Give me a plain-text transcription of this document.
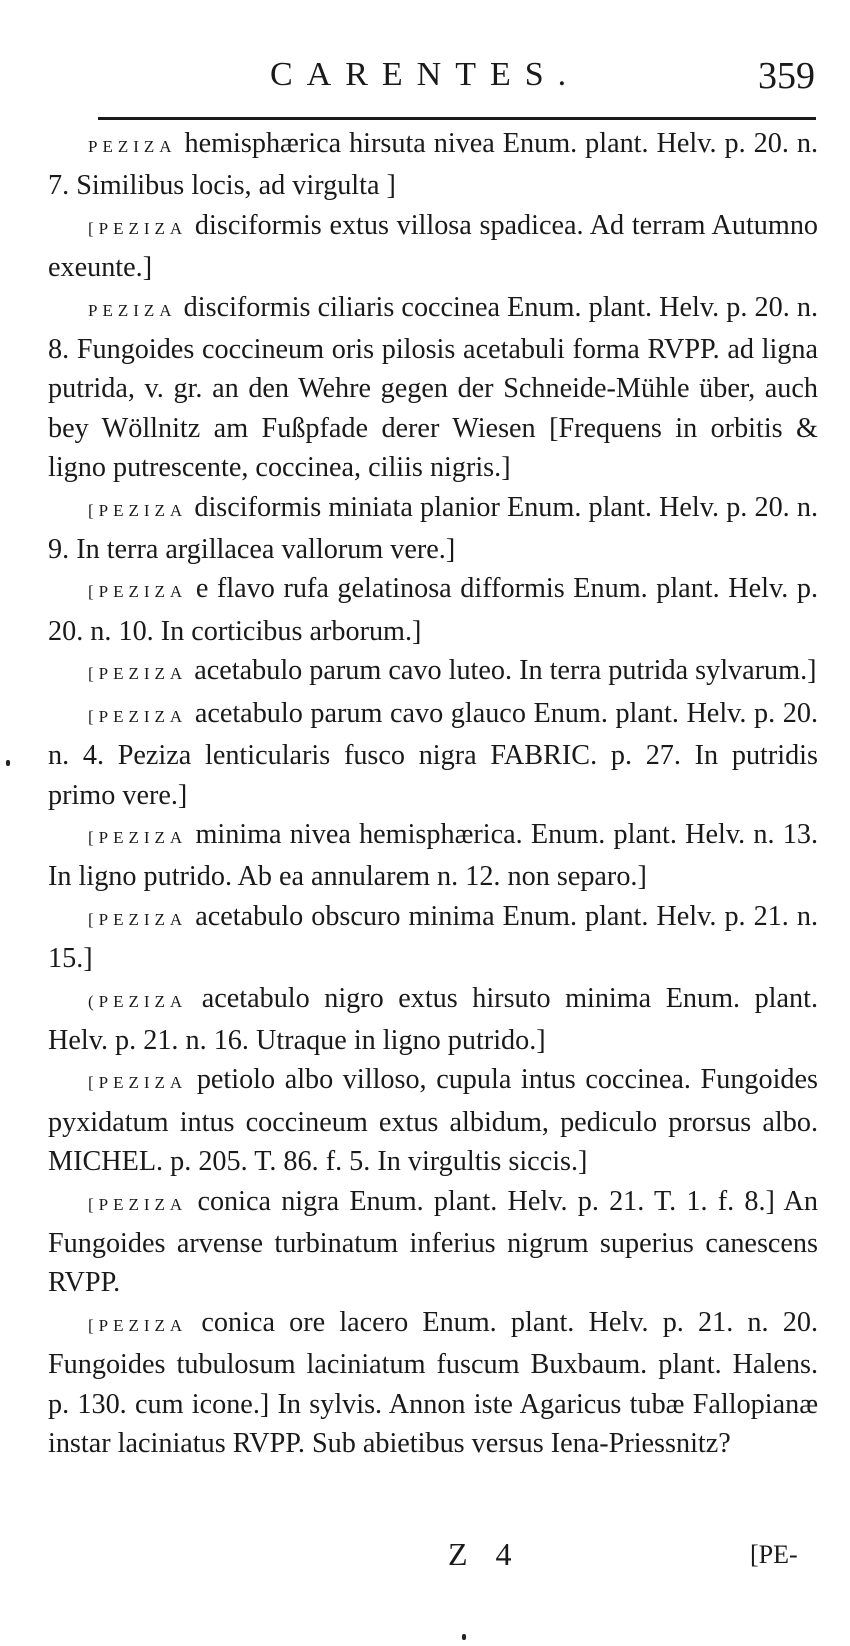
CARENTES.	359

PEZIZA hemisphærica hirsuta nivea Enum. plant. Helv. p. 20. n. 7. Similibus locis, ad virgulta ]

[PEZIZA disciformis extus villosa spadicea. Ad terram Autumno exeunte.]

PEZIZA disciformis ciliaris coccinea Enum. plant. Helv. p. 20. n. 8. Fungoides coccineum oris pilosis acetabuli forma RVPP. ad ligna putrida, v. gr. an den Wehre gegen der Schneide-Mühle über, auch bey Wöllnitz am Fußpfade derer Wiesen [Frequens in orbitis & ligno putrescente, coccinea, ciliis nigris.]

[PEZIZA disciformis miniata planior Enum. plant. Helv. p. 20. n. 9. In terra argillacea vallorum vere.]

[PEZIZA e flavo rufa gelatinosa difformis Enum. plant. Helv. p. 20. n. 10. In corticibus arborum.]

[PEZIZA acetabulo parum cavo luteo. In terra putrida sylvarum.]

[PEZIZA acetabulo parum cavo glauco Enum. plant. Helv. p. 20. n. 4. Peziza lenticularis fusco nigra FABRIC. p. 27. In putridis primo vere.]

[PEZIZA minima nivea hemisphærica. Enum. plant. Helv. n. 13. In ligno putrido. Ab ea annularem n. 12. non separo.]

[PEZIZA acetabulo obscuro minima Enum. plant. Helv. p. 21. n. 15.]

(PEZIZA acetabulo nigro extus hirsuto minima Enum. plant. Helv. p. 21. n. 16. Utraque in ligno putrido.]

[PEZIZA petiolo albo villoso, cupula intus coccinea. Fungoides pyxidatum intus coccineum extus albidum, pediculo prorsus albo. MICHEL. p. 205. T. 86. f. 5. In virgultis siccis.]

[PEZIZA conica nigra Enum. plant. Helv. p. 21. T. 1. f. 8.] An Fungoides arvense turbinatum inferius nigrum superius canescens RVPP.

[PEZIZA conica ore lacero Enum. plant. Helv. p. 21. n. 20. Fungoides tubulosum laciniatum fuscum Buxbaum. plant. Halens. p. 130. cum icone.] In sylvis. Annon iste Agaricus tubæ Fallopianæ instar laciniatus RVPP. Sub abietibus versus Iena-Priessnitz?

Z 4	[PE-
